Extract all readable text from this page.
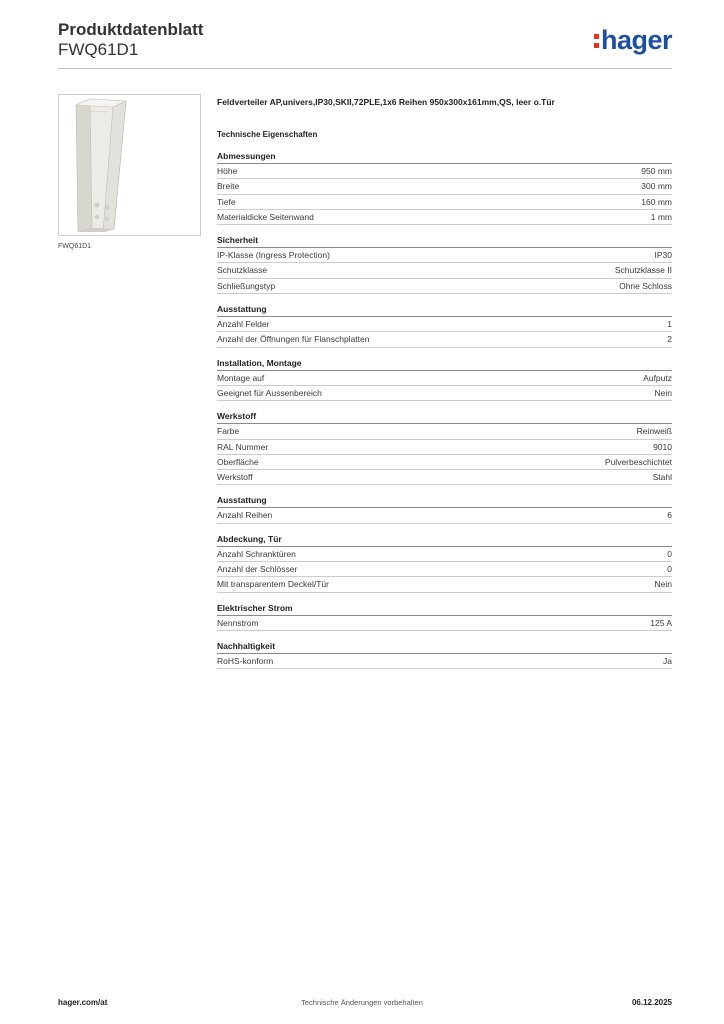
Produktdatenblatt
FWQ61D1	hager
FWQ61D1
Feldverteiler AP,univers,IP30,SKII,72PLE,1x6 Reihen 950x300x161mm,QS, leer o.Tür
Technische Eigenschaften
Abmessungen
Höhe	950 mm
Breite	300 mm
Tiefe	160 mm
Materialdicke Seitenwand	1 mm
Sicherheit
IP-Klasse (Ingress Protection)	IP30
Schutzklasse	Schutzklasse II
Schließungstyp	Ohne Schloss
Ausstattung
Anzahl Felder	1
Anzahl der Öffnungen für Flanschplatten	2
Installation, Montage
Montage auf	Aufputz
Geeignet für Aussenbereich	Nein
Werkstoff
Farbe	Reinweiß
RAL Nummer	9010
Oberfläche	Pulverbeschichtet
Werkstoff	Stahl
Ausstattung
Anzahl Reihen	6
Abdeckung, Tür
Anzahl Schranktüren	0
Anzahl der Schlösser	0
Mit transparentem Deckel/Tür	Nein
Elektrischer Strom
Nennstrom	125 A
Nachhaltigkeit
RoHS-konform	Ja
hager.com/at	Technische Änderungen vorbehalten	06.12.2025
